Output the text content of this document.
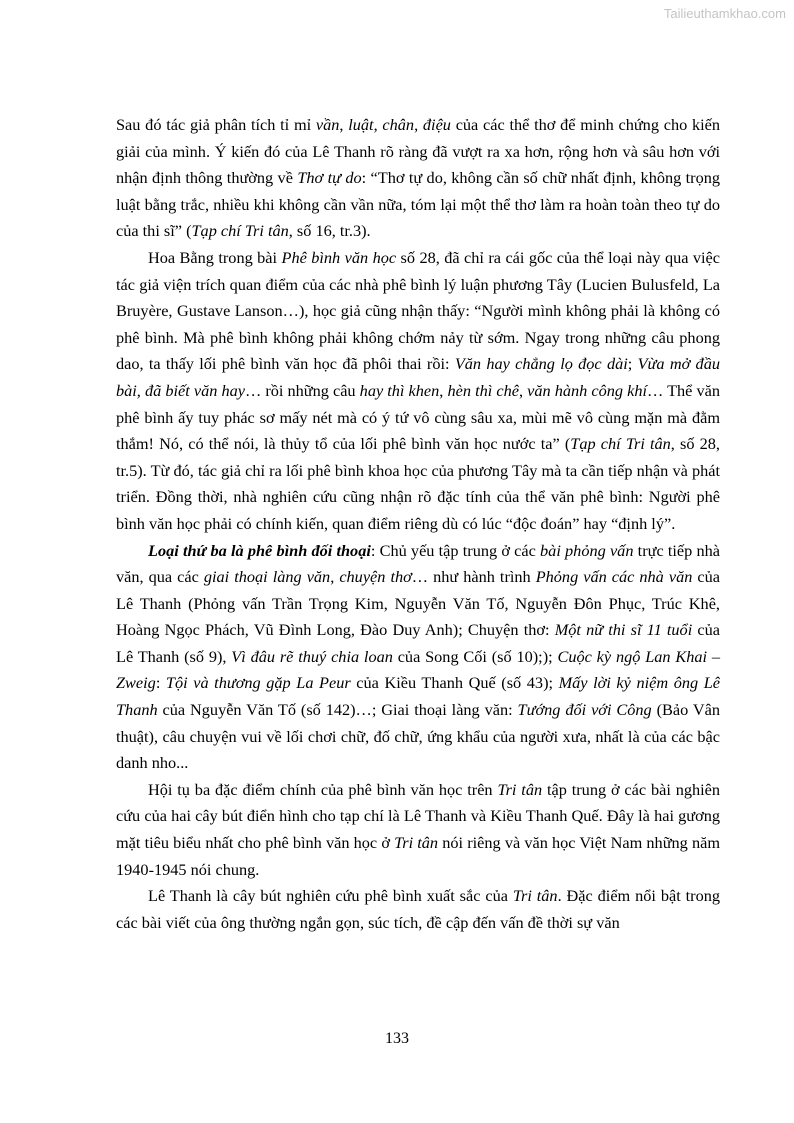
Tailieuthamkhao.com

Sau đó tác giả phân tích tỉ mỉ vần, luật, chân, điệu của các thể thơ để minh chứng cho kiến giải của mình. Ý kiến đó của Lê Thanh rõ ràng đã vượt ra xa hơn, rộng hơn và sâu hơn với nhận định thông thường về Thơ tự do: “Thơ tự do, không cần số chữ nhất định, không trọng luật bằng trắc, nhiều khi không cần vần nữa, tóm lại một thể thơ làm ra hoàn toàn theo tự do của thi sĩ” (Tạp chí Tri tân, số 16, tr.3).

Hoa Bằng trong bài Phê bình văn học số 28, đã chỉ ra cái gốc của thể loại này qua việc tác giả viện trích quan điểm của các nhà phê bình lý luận phương Tây (Lucien Bulusfeld, La Bruyère, Gustave Lanson…), học giả cũng nhận thấy: “Người mình không phải là không có phê bình. Mà phê bình không phải không chớm nảy từ sớm. Ngay trong những câu phong dao, ta thấy lối phê bình văn học đã phôi thai rồi: Văn hay chẳng lọ đọc dài; Vừa mở đầu bài, đã biết văn hay… rồi những câu hay thì khen, hèn thì chê, văn hành công khí… Thể văn phê bình ấy tuy phác sơ mấy nét mà có ý tứ vô cùng sâu xa, mùi mẽ vô cùng mặn mà đằm thắm! Nó, có thể nói, là thủy tổ của lối phê bình văn học nước ta” (Tạp chí Tri tân, số 28, tr.5). Từ đó, tác giả chỉ ra lối phê bình khoa học của phương Tây mà ta cần tiếp nhận và phát triển. Đồng thời, nhà nghiên cứu cũng nhận rõ đặc tính của thể văn phê bình: Người phê bình văn học phải có chính kiến, quan điểm riêng dù có lúc “độc đoán” hay “định lý”.

Loại thứ ba là phê bình đối thoại: Chủ yếu tập trung ở các bài phỏng vấn trực tiếp nhà văn, qua các giai thoại làng văn, chuyện thơ… như hành trình Phỏng vấn các nhà văn của Lê Thanh (Phỏng vấn Trần Trọng Kim, Nguyễn Văn Tố, Nguyễn Đôn Phục, Trúc Khê, Hoàng Ngọc Phách, Vũ Đình Long, Đào Duy Anh); Chuyện thơ: Một nữ thi sĩ 11 tuổi của Lê Thanh (số 9), Vì đâu rẽ thuý chia loan của Song Cối (số 10);); Cuộc kỳ ngộ Lan Khai – Zweig: Tội và thương gặp La Peur của Kiều Thanh Quế (số 43); Mấy lời kỷ niệm ông Lê Thanh của Nguyễn Văn Tố (số 142)…; Giai thoại làng văn: Tướng đối với Công (Bảo Vân thuật), câu chuyện vui về lối chơi chữ, đố chữ, ứng khẩu của người xưa, nhất là của các bậc danh nho...

Hội tụ ba đặc điểm chính của phê bình văn học trên Tri tân tập trung ở các bài nghiên cứu của hai cây bút điển hình cho tạp chí là Lê Thanh và Kiều Thanh Quế. Đây là hai gương mặt tiêu biểu nhất cho phê bình văn học ở Tri tân nói riêng và văn học Việt Nam những năm 1940-1945 nói chung.

Lê Thanh là cây bút nghiên cứu phê bình xuất sắc của Tri tân. Đặc điểm nổi bật trong các bài viết của ông thường ngắn gọn, súc tích, đề cập đến vấn đề thời sự văn

133
